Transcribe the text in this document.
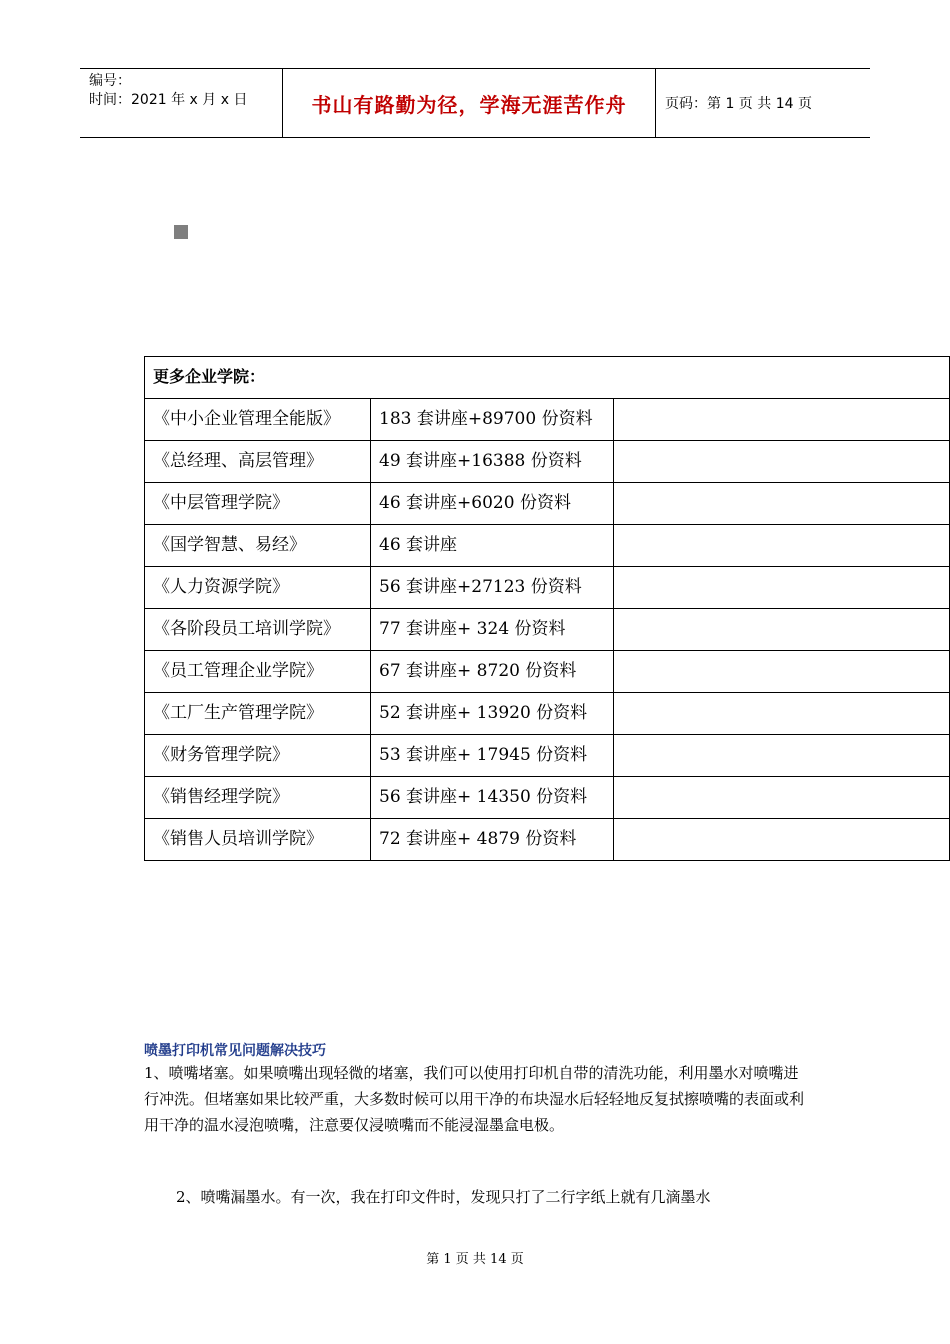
编号：
时间：2021 年 x 月 x 日	书山有路勤为径，学海无涯苦作舟	页码：第 1 页 共 14 页
更多企业学院：		
《中小企业管理全能版》	183 套讲座+89700 份资料	
《总经理、高层管理》	49 套讲座+16388 份资料	
《中层管理学院》	46 套讲座+6020 份资料	
《国学智慧、易经》	46 套讲座	
《人力资源学院》	56 套讲座+27123 份资料	
《各阶段员工培训学院》	77 套讲座+ 324 份资料	
《员工管理企业学院》	67 套讲座+ 8720 份资料	
《工厂生产管理学院》	52 套讲座+ 13920 份资料	
《财务管理学院》	53 套讲座+ 17945 份资料	
《销售经理学院》	56 套讲座+ 14350 份资料	
《销售人员培训学院》	72 套讲座+ 4879 份资料	
喷墨打印机常见问题解决技巧
1、喷嘴堵塞。如果喷嘴出现轻微的堵塞，我们可以使用打印机自带的清洗功能，利用墨水对喷嘴进行冲洗。但堵塞如果比较严重，大多数时候可以用干净的布块湿水后轻轻地反复拭擦喷嘴的表面或利用干净的温水浸泡喷嘴，注意要仅浸喷嘴而不能浸湿墨盒电极。
2、喷嘴漏墨水。有一次，我在打印文件时，发现只打了二行字纸上就有几滴墨水
第 1 页 共 14 页
